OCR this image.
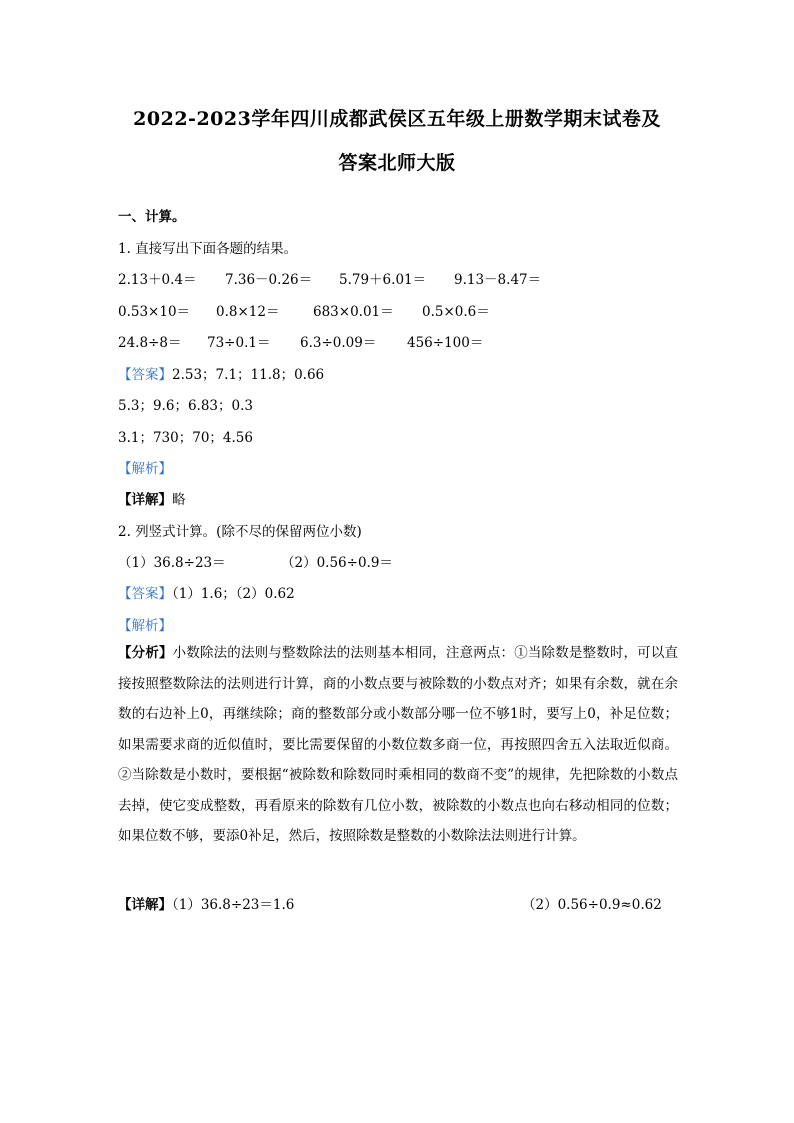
2022-2023学年四川成都武侯区五年级上册数学期末试卷及
答案北师大版
一、计算。
1. 直接写出下面各题的结果。
2.13＋0.4＝ 7.36－0.26＝ 5.79＋6.01＝ 9.13－8.47＝
0.53×10＝ 0.8×12＝ 683×0.01＝ 0.5×0.6＝
24.8÷8＝ 73÷0.1＝ 6.3÷0.09＝ 456÷100＝
【答案】2.53；7.1；11.8；0.66
5.3；9.6；6.83；0.3
3.1；730；70；4.56
【解析】
【详解】略
2. 列竖式计算。(除不尽的保留两位小数)
（1）36.8÷23＝	（2）0.56÷0.9＝
【答案】（1）1.6；（2）0.62
【解析】
【分析】小数除法的法则与整数除法的法则基本相同，注意两点：①当除数是整数时，可以直接按照整数除法的法则进行计算，商的小数点要与被除数的小数点对齐；如果有余数，就在余数的右边补上0，再继续除；商的整数部分或小数部分哪一位不够1时，要写上0，补足位数；如果需要求商的近似值时，要比需要保留的小数位数多商一位，再按照四舍五入法取近似商。②当除数是小数时，要根据“被除数和除数同时乘相同的数商不变”的规律，先把除数的小数点去掉，使它变成整数，再看原来的除数有几位小数，被除数的小数点也向右移动相同的位数；如果位数不够，要添0补足，然后，按照除数是整数的小数除法法则进行计算。
【详解】（1）36.8÷23＝1.6	（2）0.56÷0.9≈0.62
